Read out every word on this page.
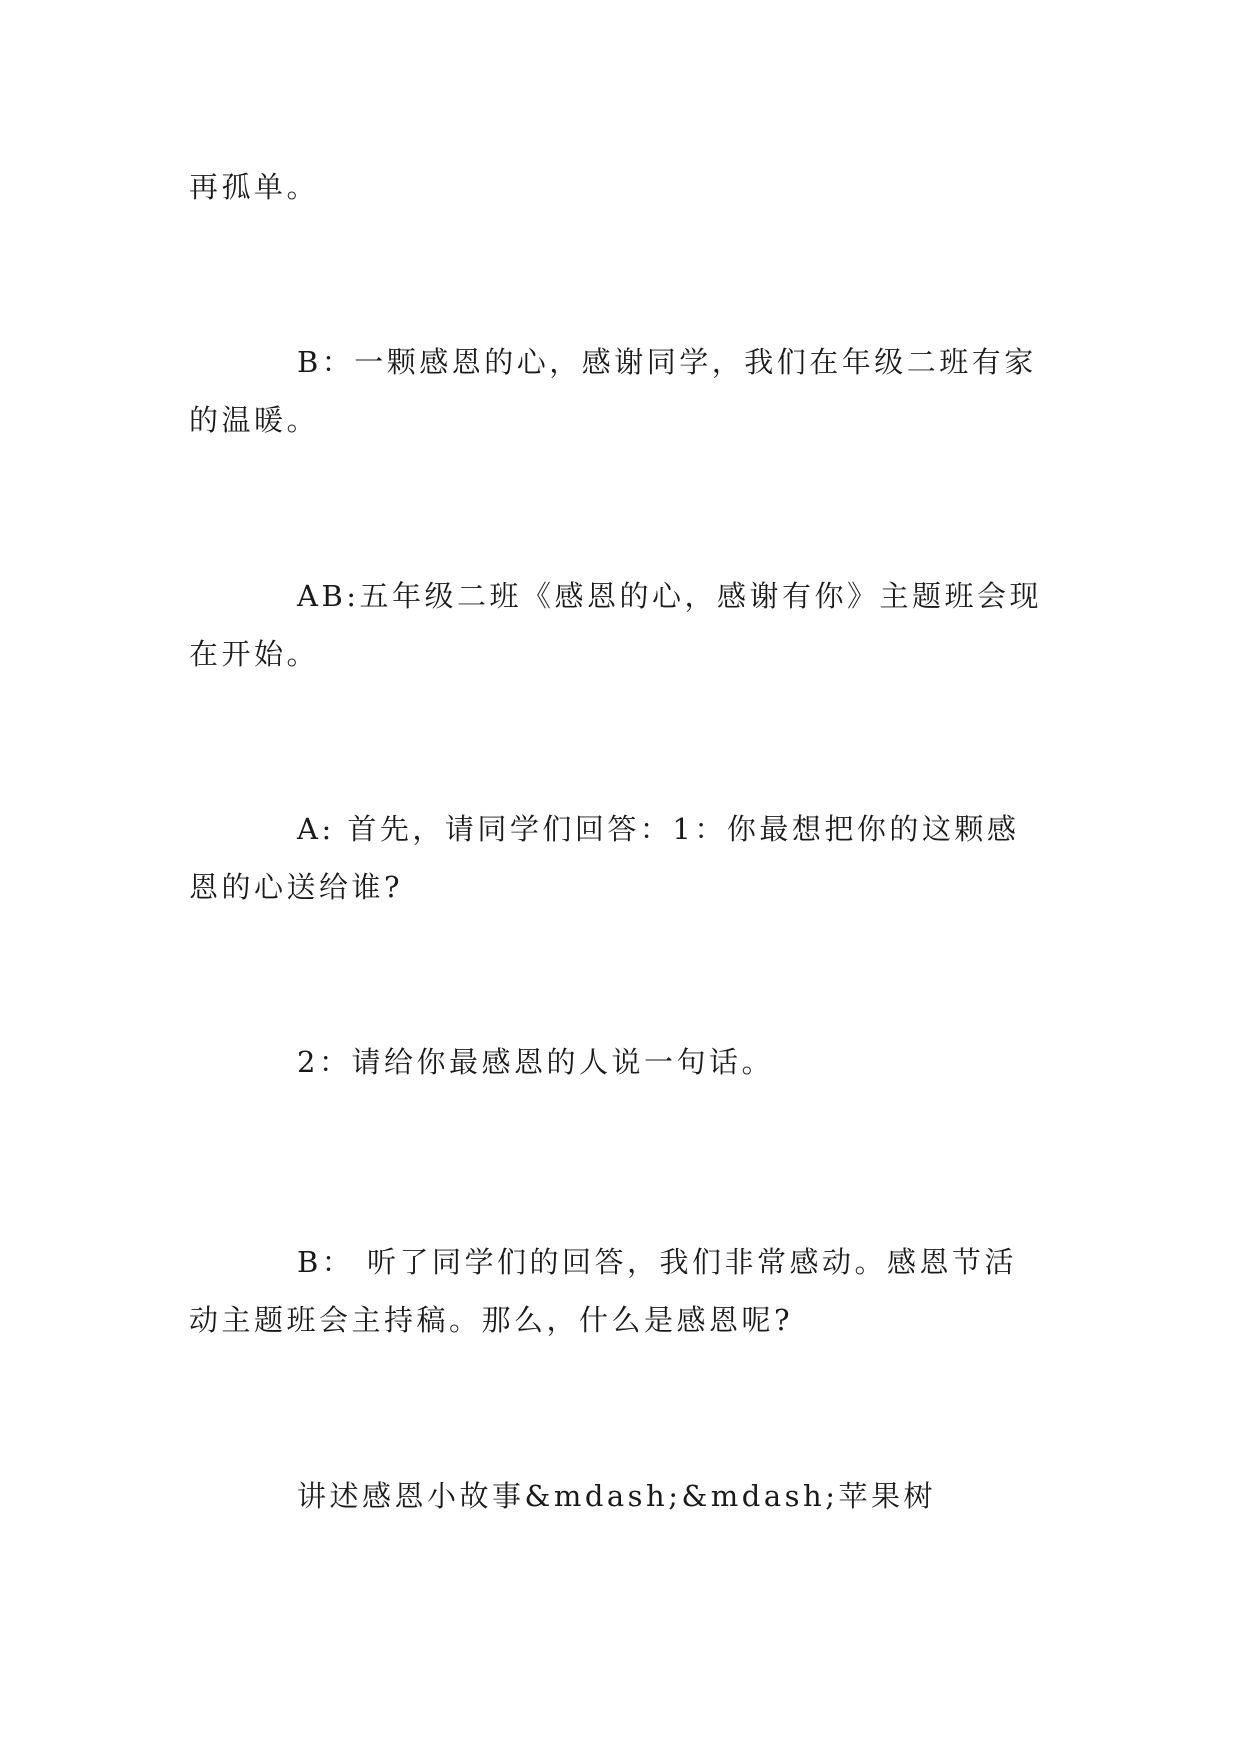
再孤单。

B：一颗感恩的心，感谢同学，我们在年级二班有家的温暖。

AB:五年级二班《感恩的心，感谢有你》主题班会现在开始。

A: 首先，请同学们回答：1：你最想把你的这颗感恩的心送给谁?

2：请给你最感恩的人说一句话。

B： 听了同学们的回答，我们非常感动。感恩节活动主题班会主持稿。那么，什么是感恩呢?

讲述感恩小故事&mdash;&mdash;苹果树
